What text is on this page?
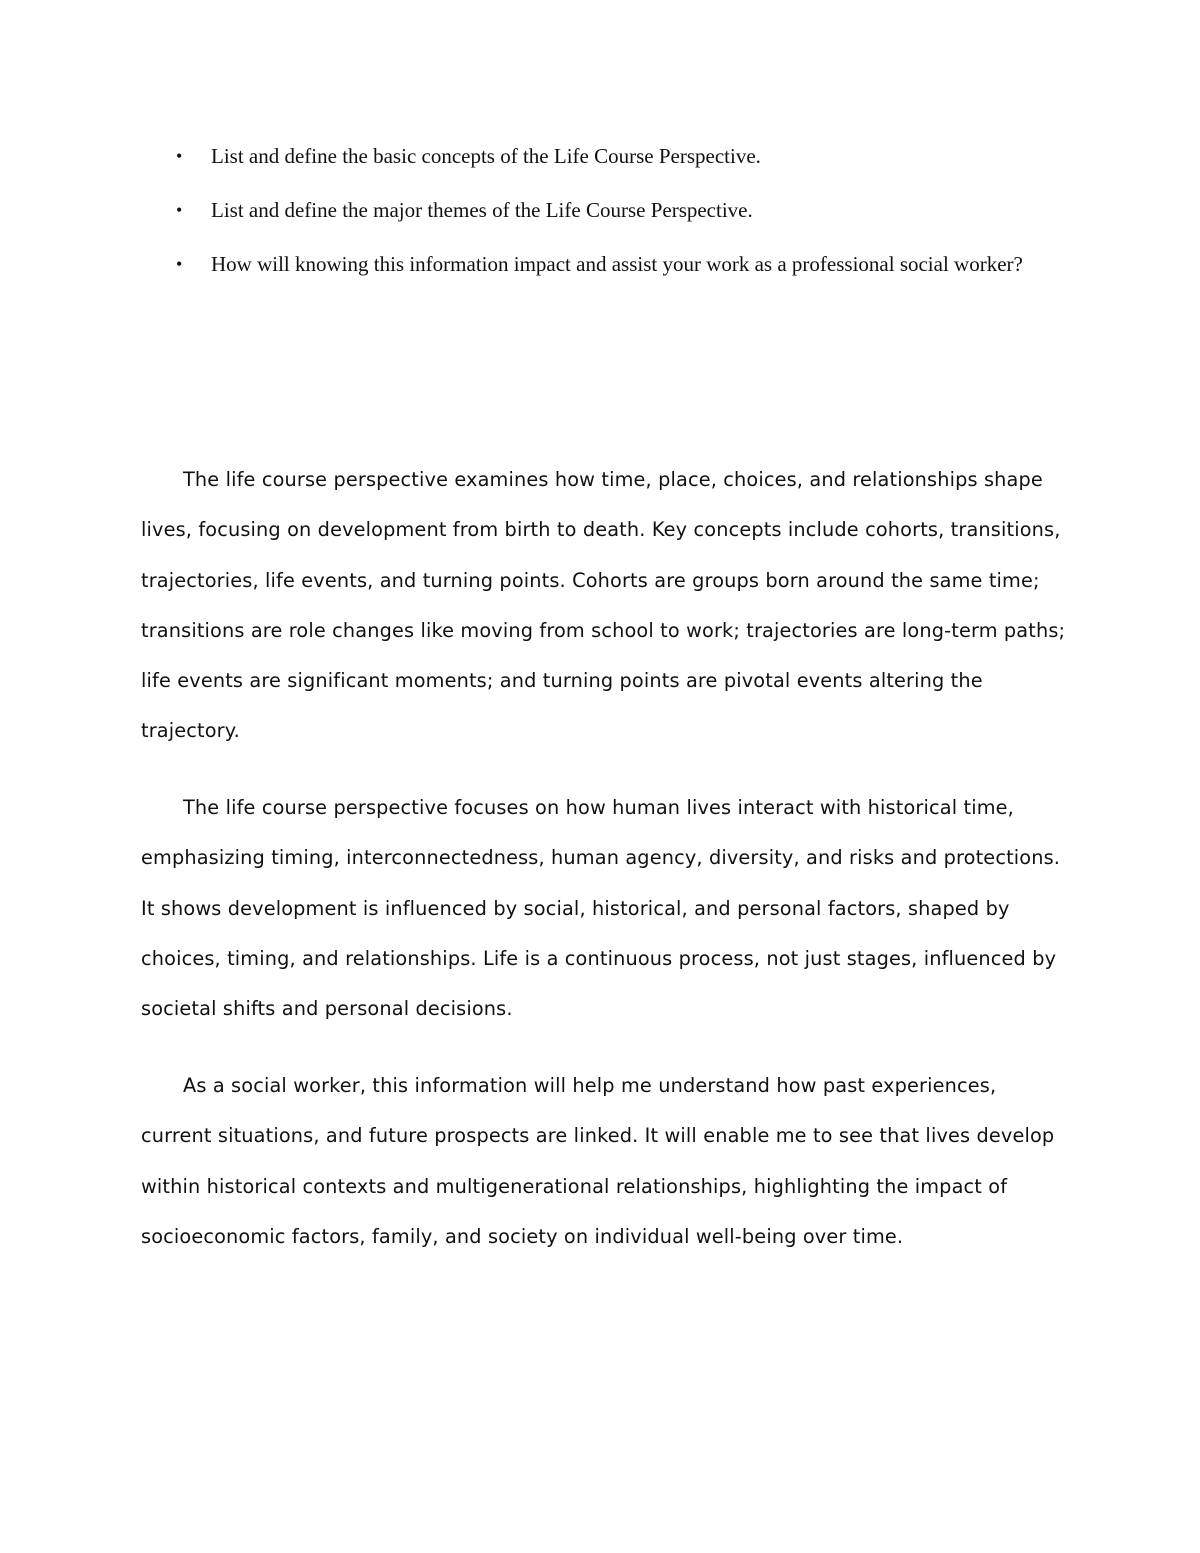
• List and define the basic concepts of the Life Course Perspective.
• List and define the major themes of the Life Course Perspective.
• How will knowing this information impact and assist your work as a professional social worker?

The life course perspective examines how time, place, choices, and relationships shape lives, focusing on development from birth to death. Key concepts include cohorts, transitions, trajectories, life events, and turning points. Cohorts are groups born around the same time; transitions are role changes like moving from school to work; trajectories are long-term paths; life events are significant moments; and turning points are pivotal events altering the trajectory.

The life course perspective focuses on how human lives interact with historical time, emphasizing timing, interconnectedness, human agency, diversity, and risks and protections. It shows development is influenced by social, historical, and personal factors, shaped by choices, timing, and relationships. Life is a continuous process, not just stages, influenced by societal shifts and personal decisions.

As a social worker, this information will help me understand how past experiences, current situations, and future prospects are linked. It will enable me to see that lives develop within historical contexts and multigenerational relationships, highlighting the impact of socioeconomic factors, family, and society on individual well-being over time.
